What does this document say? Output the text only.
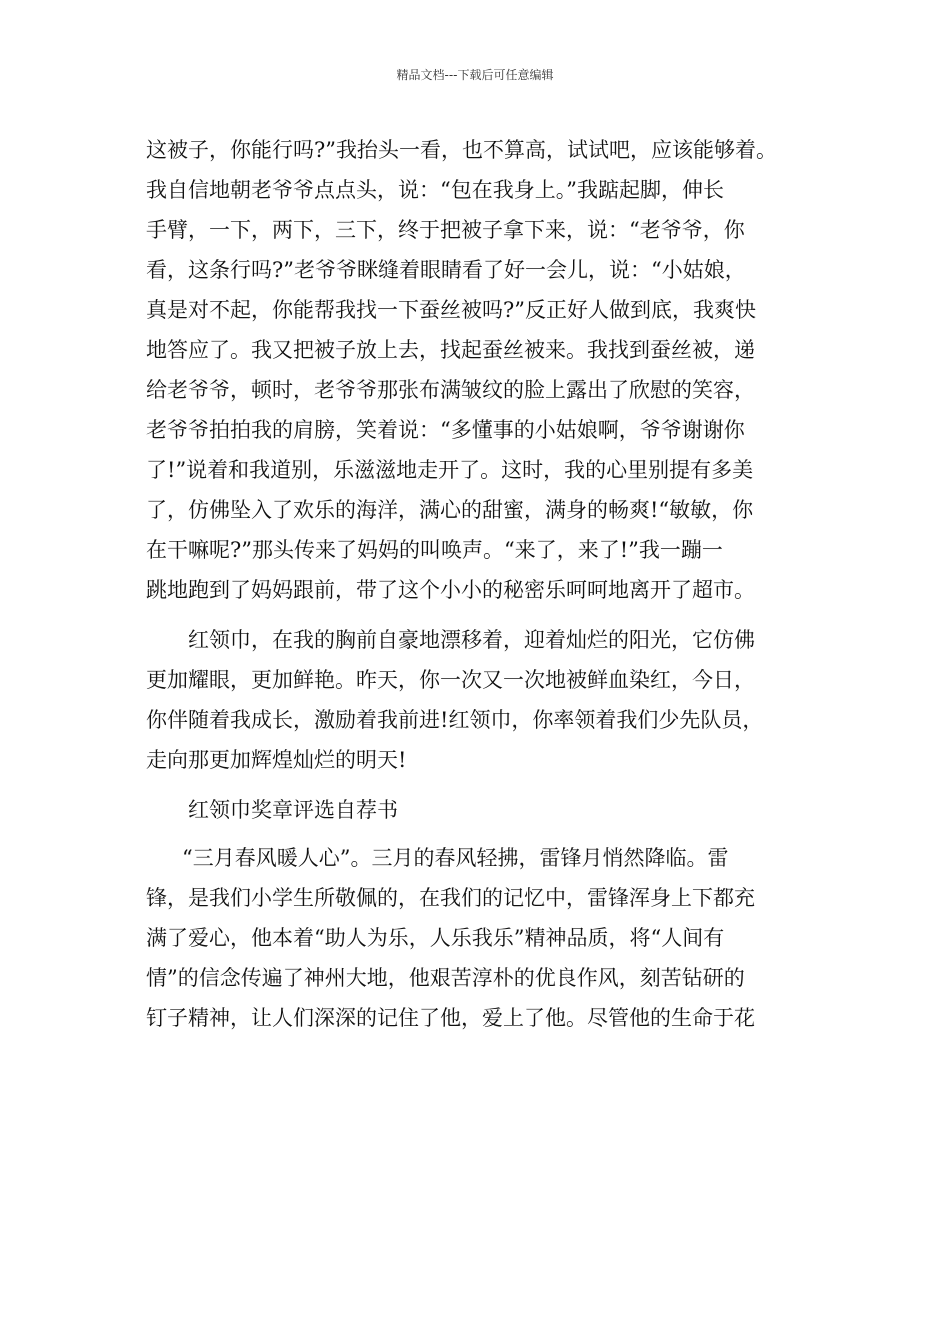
精品文档---下载后可任意编辑
这被子，你能行吗?”我抬头一看，也不算高，试试吧，应该能够着。
我自信地朝老爷爷点点头，说：“包在我身上。”我踮起脚，伸长
手臂，一下，两下，三下，终于把被子拿下来，说：“老爷爷，你
看，这条行吗?”老爷爷眯缝着眼睛看了好一会儿，说：“小姑娘，
真是对不起，你能帮我找一下蚕丝被吗?”反正好人做到底，我爽快
地答应了。我又把被子放上去，找起蚕丝被来。我找到蚕丝被，递
给老爷爷，顿时，老爷爷那张布满皱纹的脸上露出了欣慰的笑容，
老爷爷拍拍我的肩膀，笑着说：“多懂事的小姑娘啊，爷爷谢谢你
了!”说着和我道别，乐滋滋地走开了。这时，我的心里别提有多美
了，仿佛坠入了欢乐的海洋，满心的甜蜜，满身的畅爽!“敏敏，你
在干嘛呢?”那头传来了妈妈的叫唤声。“来了，来了!”我一蹦一
跳地跑到了妈妈跟前，带了这个小小的秘密乐呵呵地离开了超市。
红领巾，在我的胸前自豪地漂移着，迎着灿烂的阳光，它仿佛
更加耀眼，更加鲜艳。昨天，你一次又一次地被鲜血染红，今日，
你伴随着我成长，激励着我前进!红领巾，你率领着我们少先队员，
走向那更加辉煌灿烂的明天!
红领巾奖章评选自荐书
“三月春风暖人心”。三月的春风轻拂，雷锋月悄然降临。雷
锋，是我们小学生所敬佩的，在我们的记忆中，雷锋浑身上下都充
满了爱心，他本着“助人为乐，人乐我乐”精神品质，将“人间有
情”的信念传遍了神州大地，他艰苦淳朴的优良作风，刻苦钻研的
钉子精神，让人们深深的记住了他，爱上了他。尽管他的生命于花
